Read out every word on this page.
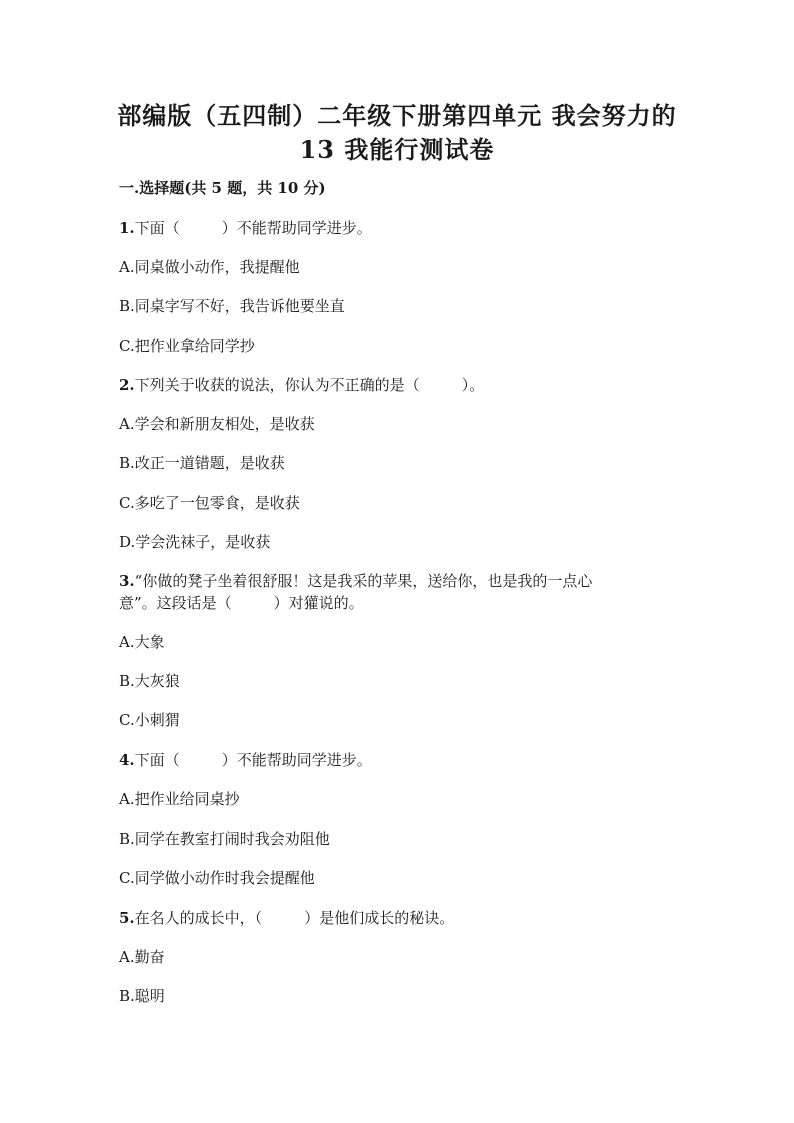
部编版（五四制）二年级下册第四单元 我会努力的
13 我能行测试卷
一.选择题(共 5 题，共 10 分)
1.下面（	）不能帮助同学进步。
A.同桌做小动作，我提醒他
B.同桌字写不好，我告诉他要坐直
C.把作业拿给同学抄
2.下列关于收获的说法，你认为不正确的是（	）。
A.学会和新朋友相处，是收获
B.改正一道错题，是收获
C.多吃了一包零食，是收获
D.学会洗袜子，是收获
3.“你做的凳子坐着很舒服！这是我采的苹果，送给你，也是我的一点心
意”。这段话是（	）对獾说的。
A.大象
B.大灰狼
C.小刺猬
4.下面（	）不能帮助同学进步。
A.把作业给同桌抄
B.同学在教室打闹时我会劝阻他
C.同学做小动作时我会提醒他
5.在名人的成长中，（	）是他们成长的秘诀。
A.勤奋
B.聪明
